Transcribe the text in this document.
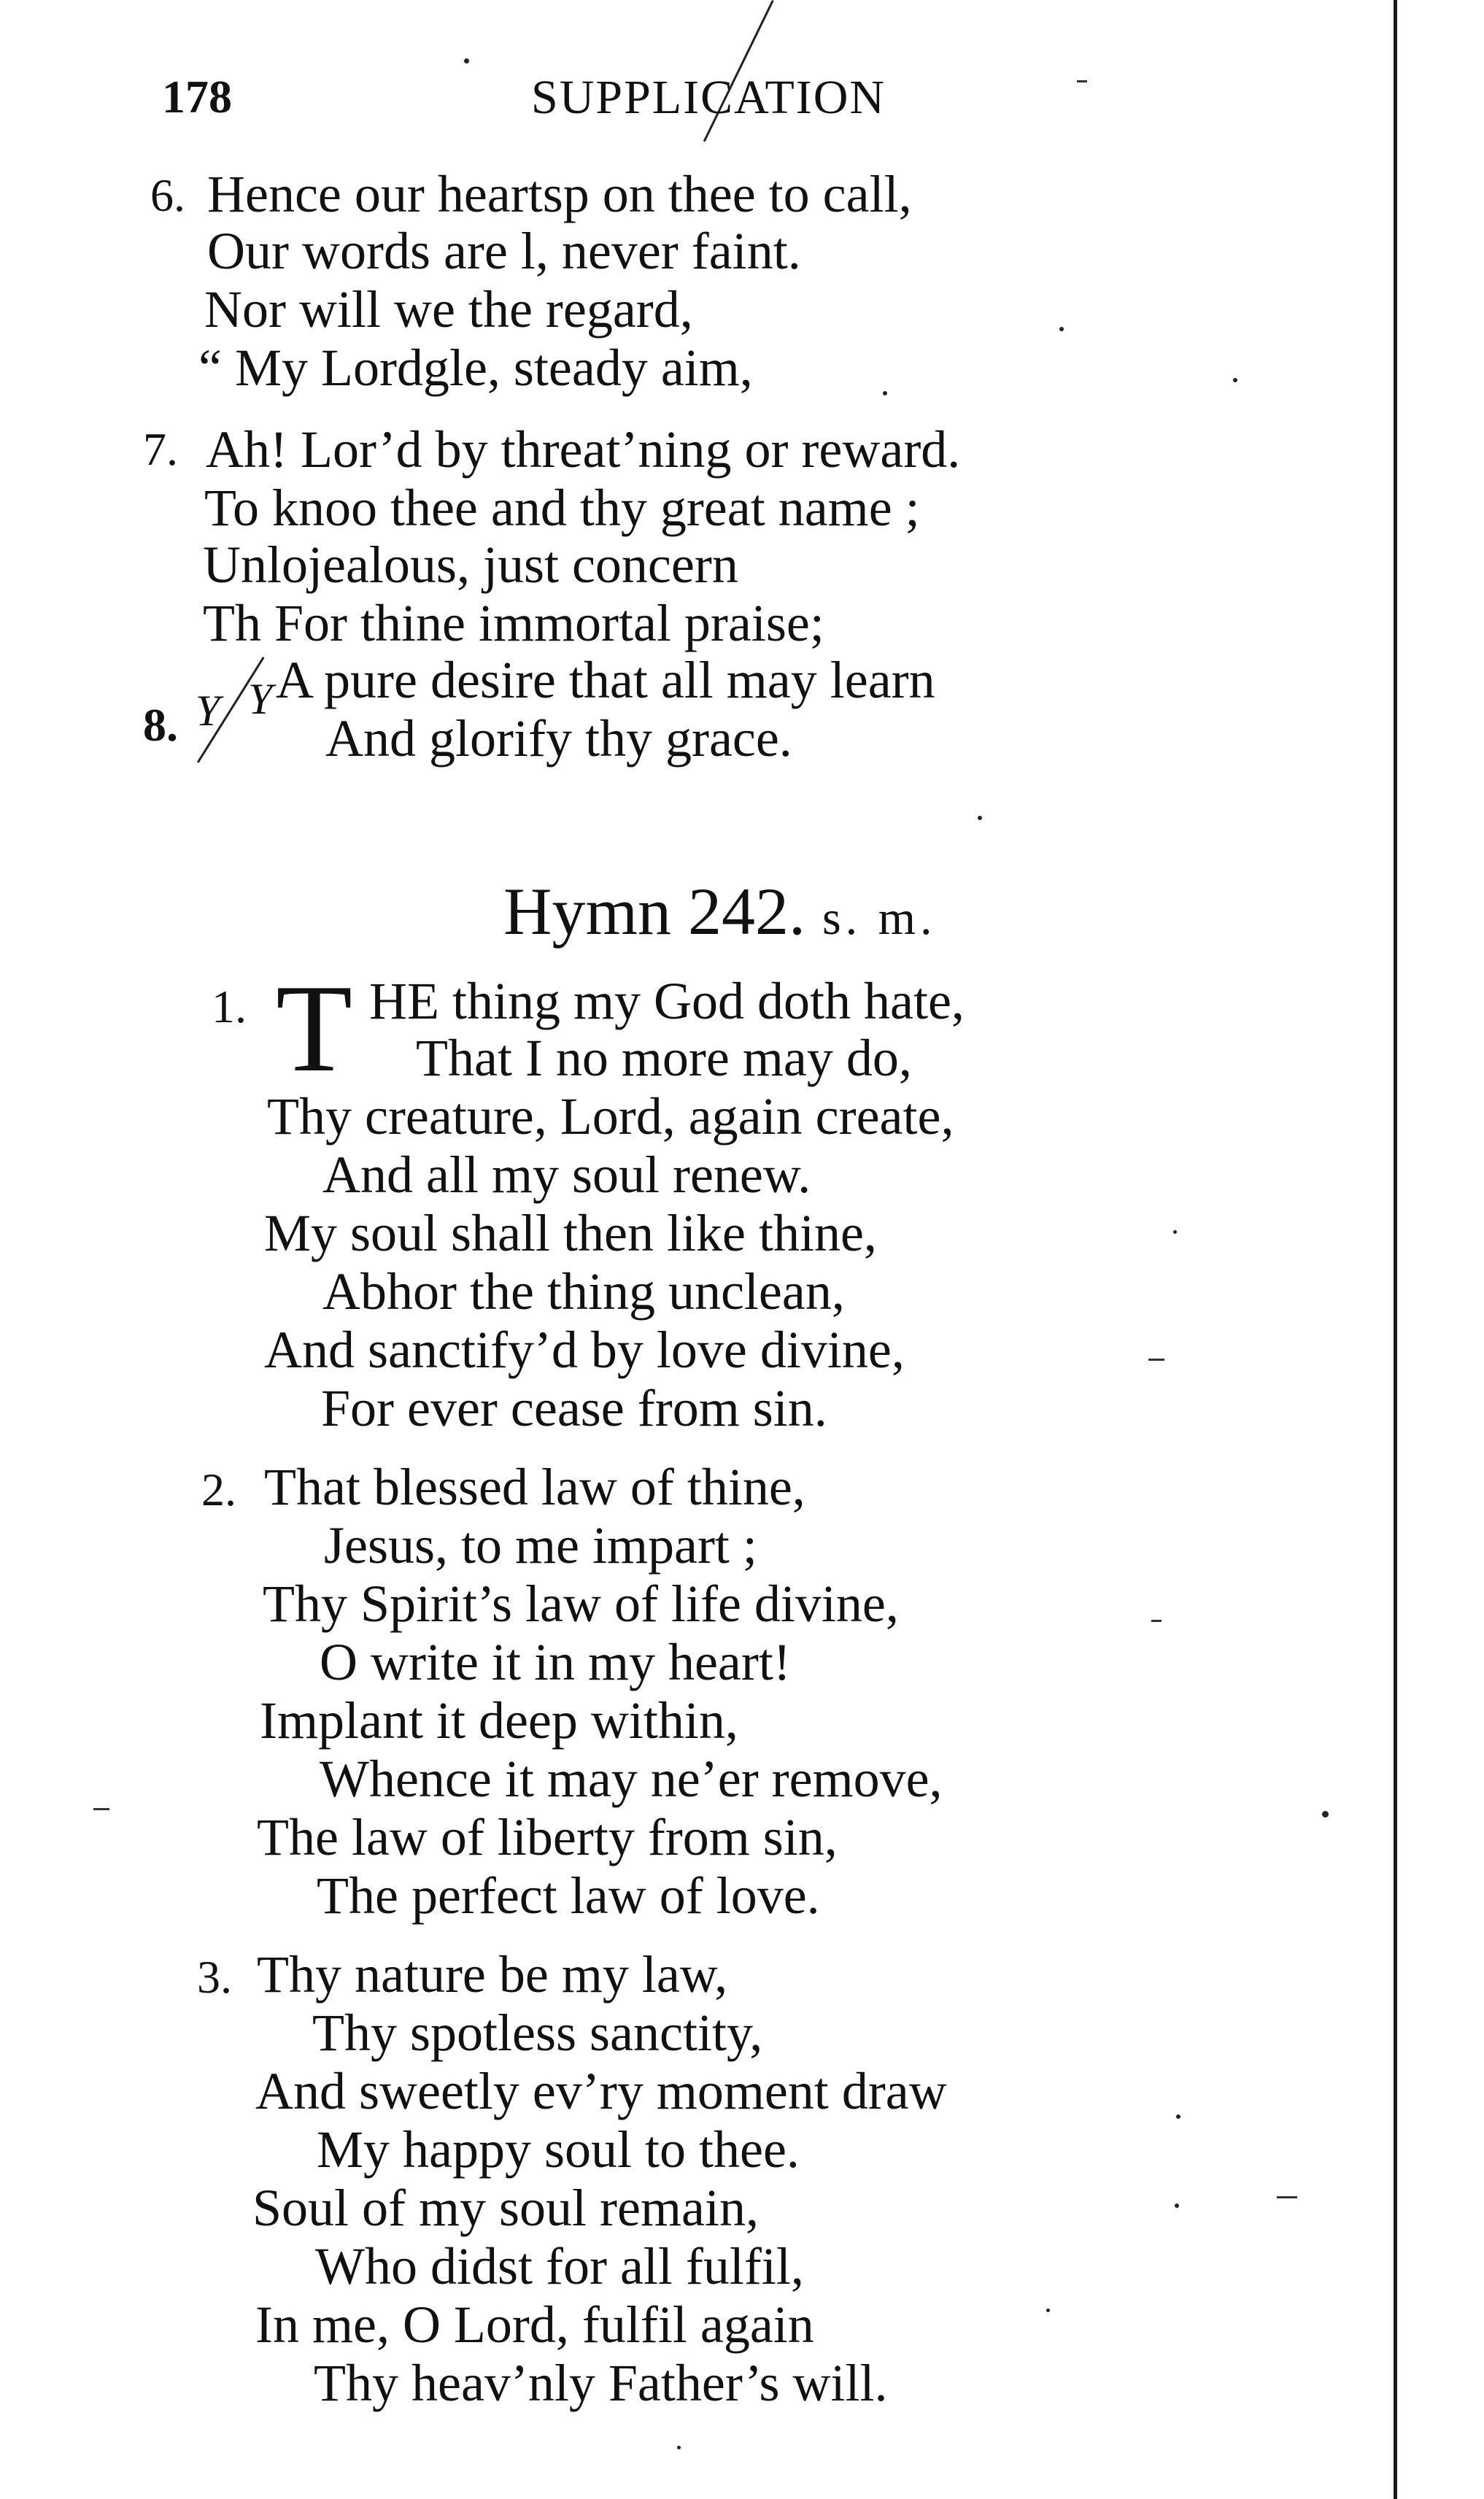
178	SUPPLICATION
6. Hence our heartsp on thee to call,
Our words are l, never faint.
Nor will we the regard,
“ My Lordgle, steady aim,
7. Ah! Lor’d by threat’ning or reward.
To knoo thee and thy great name ;
Unlojealous, just concern
Th For thine immortal praise;
Y
8. Y
A pure desire that all may learn
And glorify thy grace.
Hymn 242. s. m.
1. T HE thing my God doth hate,
That I no more may do,
Thy creature, Lord, again create,
And all my soul renew.
My soul shall then like thine,
Abhor the thing unclean,
And sanctify’d by love divine,
For ever cease from sin.
2. That blessed law of thine,
Jesus, to me impart ;
Thy Spirit’s law of life divine,
O write it in my heart!
Implant it deep within,
Whence it may ne’er remove,
The law of liberty from sin,
The perfect law of love.
3. Thy nature be my law,
Thy spotless sanctity,
And sweetly ev’ry moment draw
My happy soul to thee.
Soul of my soul remain,
Who didst for all fulfil,
In me, O Lord, fulfil again
Thy heav’nly Father’s will.
